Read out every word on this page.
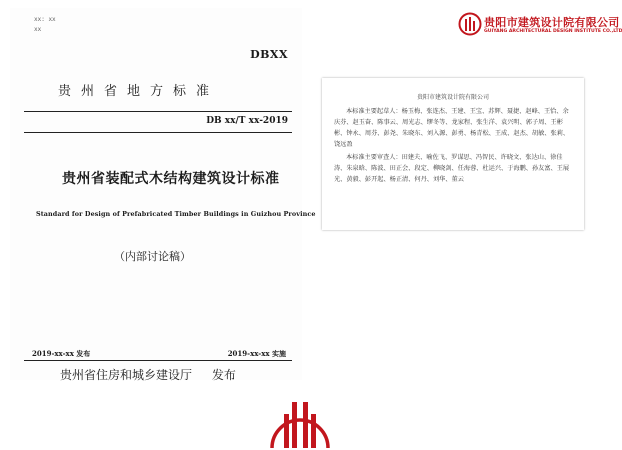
贵阳市建筑设计院有限公司
GUIYANG ARCHITECTURAL DESIGN INSTITUTE CO.,LTD
xx: xx
xx
DBXX
贵州省地方标准
DB xx/T xx-2019
贵州省装配式木结构建筑设计标准
Standard for Design of Prefabricated Timber Buildings in Guizhou Province
（内部讨论稿）
2019-xx-xx 发布	2019-xx-xx 实施
贵州省住房和城乡建设厅 发布
贵阳市建筑设计院有限公司

本标准主要起草人：杨玉梅、张连杰、王建、王宝、苏辉、聂捷、赵峰、王恰、余庆芬、赵玉奋、陈事云、周光志、缪冬等、龙家程、张生洋、袁兴明、郭子周、王彬彬、钟永、周芬、彭尧、朱晓东、刘入源、彭勇、杨青松、王成、赵杰、胡敏、张莉、饶远盈

本标准主要审查人：田建夫、喻佐飞、罗谋思、冯智民、许晓文、张达山、徐佳涛、朱泉晗、陈波、田正会、段定、柳晓剑、任海蓉、杜运兴、于海鹏、孙友富、王展光、黄毅、彭开起、杨正清、何丹、刘华、董云
